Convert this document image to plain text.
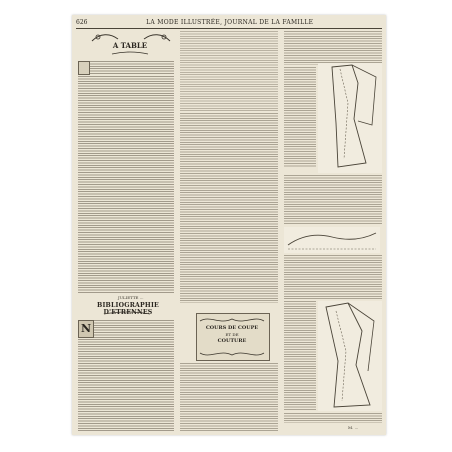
626	LA MODE ILLUSTRÉE, JOURNAL DE LA FAMILLE
A TABLE
JULIETTE ...
BIBLIOGRAPHIE D'ETRENNES
N	COURS DE COUPE
ET DE
COUTURE
M. ...
